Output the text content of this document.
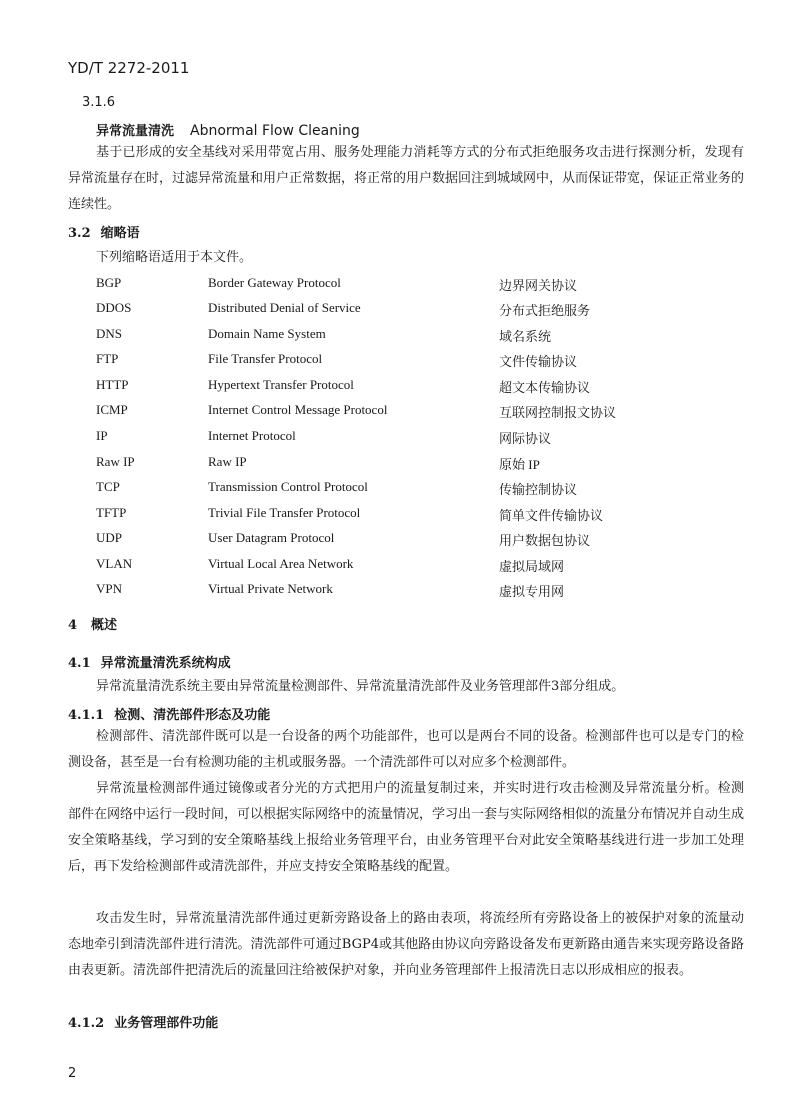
YD/T 2272-2011
3.1.6
异常流量清洗 Abnormal Flow Cleaning
基于已形成的安全基线对采用带宽占用、服务处理能力消耗等方式的分布式拒绝服务攻击进行探测分析，发现有异常流量存在时，过滤异常流量和用户正常数据，将正常的用户数据回注到城域网中，从而保证带宽，保证正常业务的连续性。
3.2 缩略语
下列缩略语适用于本文件。
BGP	Border Gateway Protocol	边界网关协议
DDOS	Distributed Denial of Service	分布式拒绝服务
DNS	Domain Name System	域名系统
FTP	File Transfer Protocol	文件传输协议
HTTP	Hypertext Transfer Protocol	超文本传输协议
ICMP	Internet Control Message Protocol	互联网控制报文协议
IP	Internet Protocol	网际协议
Raw IP	Raw IP	原始 IP
TCP	Transmission Control Protocol	传输控制协议
TFTP	Trivial File Transfer Protocol	简单文件传输协议
UDP	User Datagram Protocol	用户数据包协议
VLAN	Virtual Local Area Network	虚拟局域网
VPN	Virtual Private Network	虚拟专用网
4 概述
4.1 异常流量清洗系统构成
异常流量清洗系统主要由异常流量检测部件、异常流量清洗部件及业务管理部件3部分组成。
4.1.1 检测、清洗部件形态及功能
检测部件、清洗部件既可以是一台设备的两个功能部件，也可以是两台不同的设备。检测部件也可以是专门的检测设备，甚至是一台有检测功能的主机或服务器。一个清洗部件可以对应多个检测部件。
异常流量检测部件通过镜像或者分光的方式把用户的流量复制过来，并实时进行攻击检测及异常流量分析。检测部件在网络中运行一段时间，可以根据实际网络中的流量情况，学习出一套与实际网络相似的流量分布情况并自动生成安全策略基线，学习到的安全策略基线上报给业务管理平台，由业务管理平台对此安全策略基线进行进一步加工处理后，再下发给检测部件或清洗部件，并应支持安全策略基线的配置。
攻击发生时，异常流量清洗部件通过更新旁路设备上的路由表项，将流经所有旁路设备上的被保护对象的流量动态地牵引到清洗部件进行清洗。清洗部件可通过BGP4或其他路由协议向旁路设备发布更新路由通告来实现旁路设备路由表更新。清洗部件把清洗后的流量回注给被保护对象，并向业务管理部件上报清洗日志以形成相应的报表。
4.1.2 业务管理部件功能
2
